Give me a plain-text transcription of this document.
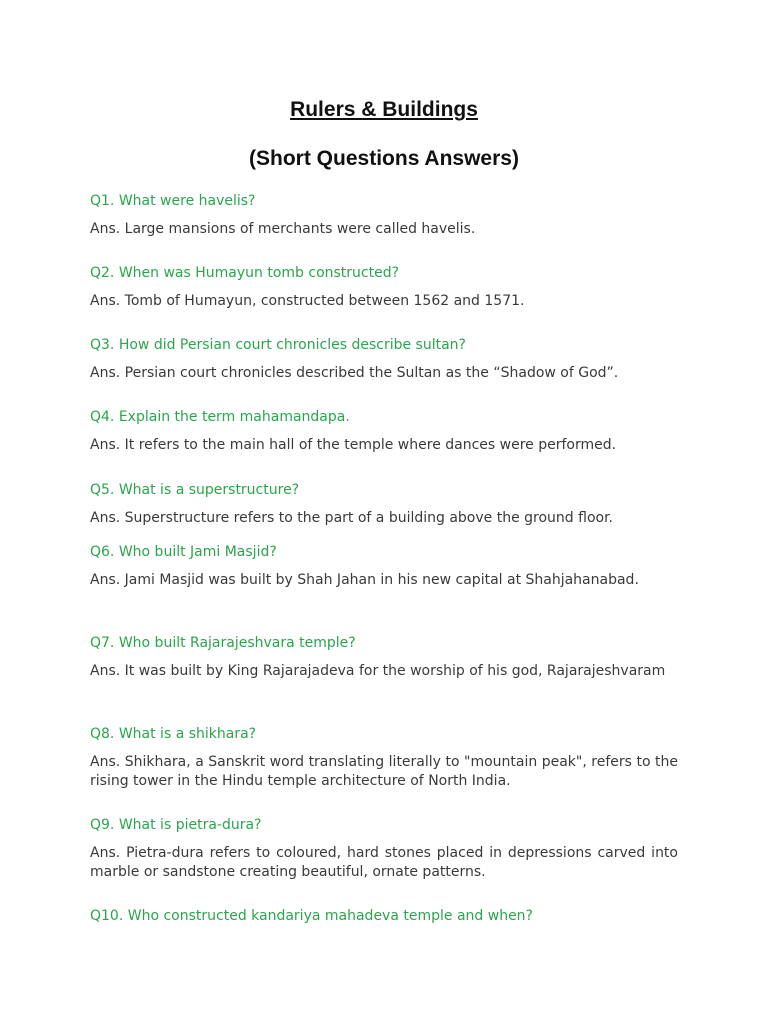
Rulers & Buildings
(Short Questions Answers)

Q1. What were havelis?

Ans. Large mansions of merchants were called havelis.

Q2. When was Humayun tomb constructed?

Ans. Tomb of Humayun, constructed between 1562 and 1571.

Q3. How did Persian court chronicles describe sultan?

Ans. Persian court chronicles described the Sultan as the “Shadow of God”.

Q4. Explain the term mahamandapa.

Ans. It refers to the main hall of the temple where dances were performed.

Q5. What is a superstructure?

Ans. Superstructure refers to the part of a building above the ground floor.

Q6. Who built Jami Masjid?

Ans. Jami Masjid was built by Shah Jahan in his new capital at Shahjahanabad.

Q7. Who built Rajarajeshvara temple?

Ans. It was built by King Rajarajadeva for the worship of his god, Rajarajeshvaram

Q8. What is a shikhara?

Ans. Shikhara, a Sanskrit word translating literally to "mountain peak", refers to the rising tower in the Hindu temple architecture of North India.

Q9. What is pietra-dura?

Ans. Pietra-dura refers to coloured, hard stones placed in depressions carved into marble or sandstone creating beautiful, ornate patterns.

Q10. Who constructed kandariya mahadeva temple and when?
